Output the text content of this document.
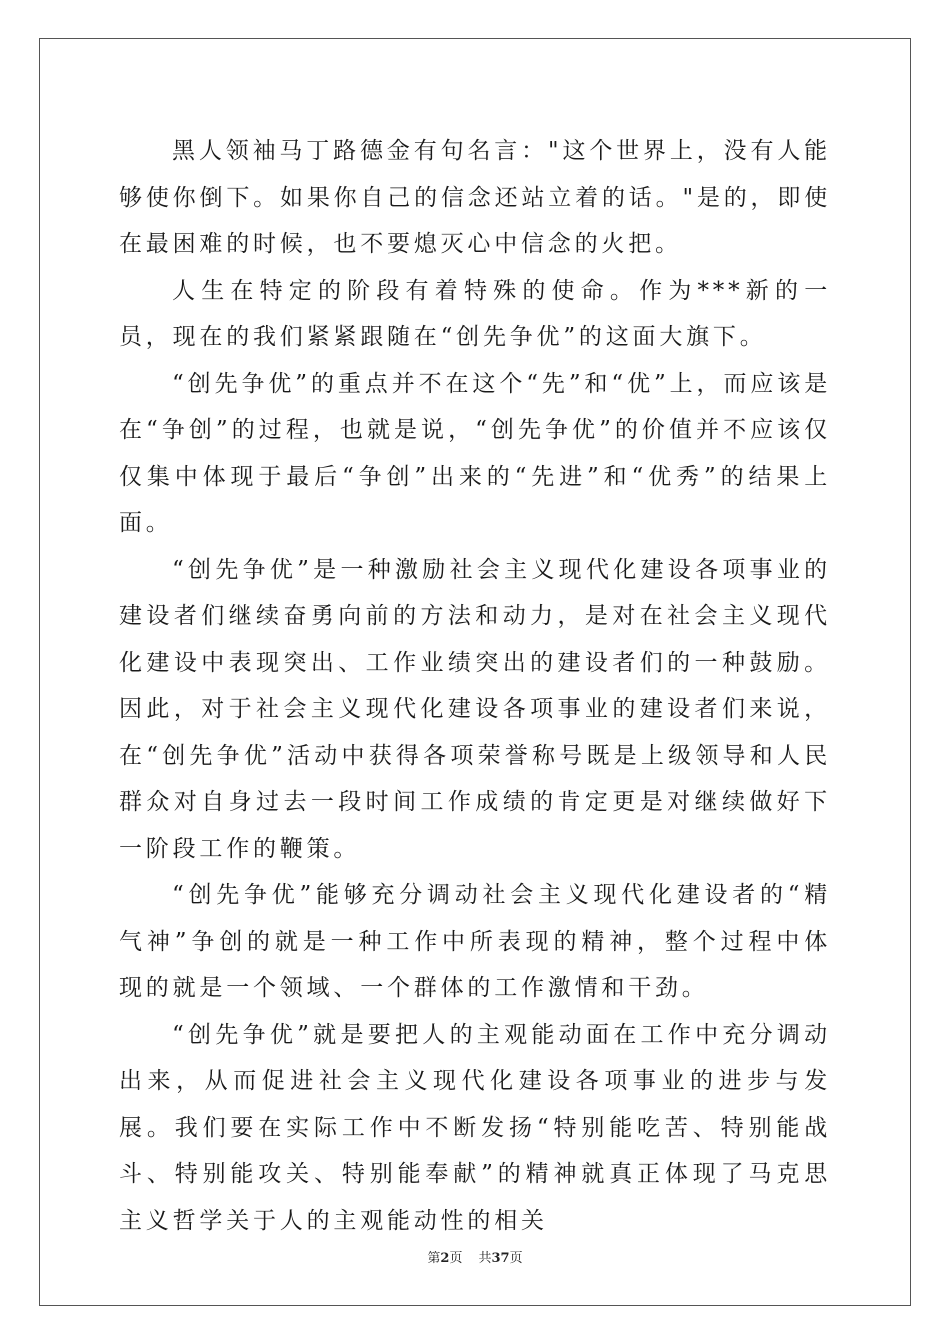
黑人领袖马丁路德金有句名言："这个世界上，没有人能够使你倒下。如果你自己的信念还站立着的话。"是的，即使在最困难的时候，也不要熄灭心中信念的火把。

人生在特定的阶段有着特殊的使命。作为***新的一员，现在的我们紧紧跟随在“创先争优”的这面大旗下。

“创先争优”的重点并不在这个“先”和“优”上，而应该是在“争创”的过程，也就是说，“创先争优”的价值并不应该仅仅集中体现于最后“争创”出来的“先进”和“优秀”的结果上面。

“创先争优”是一种激励社会主义现代化建设各项事业的建设者们继续奋勇向前的方法和动力，是对在社会主义现代化建设中表现突出、工作业绩突出的建设者们的一种鼓励。因此，对于社会主义现代化建设各项事业的建设者们来说，在“创先争优”活动中获得各项荣誉称号既是上级领导和人民群众对自身过去一段时间工作成绩的肯定更是对继续做好下一阶段工作的鞭策。

“创先争优”能够充分调动社会主义现代化建设者的“精气神”争创的就是一种工作中所表现的精神，整个过程中体现的就是一个领域、一个群体的工作激情和干劲。

“创先争优”就是要把人的主观能动面在工作中充分调动出来，从而促进社会主义现代化建设各项事业的进步与发展。我们要在实际工作中不断发扬“特别能吃苦、特别能战斗、特别能攻关、特别能奉献”的精神就真正体现了马克思主义哲学关于人的主观能动性的相关

第2页 共37页
